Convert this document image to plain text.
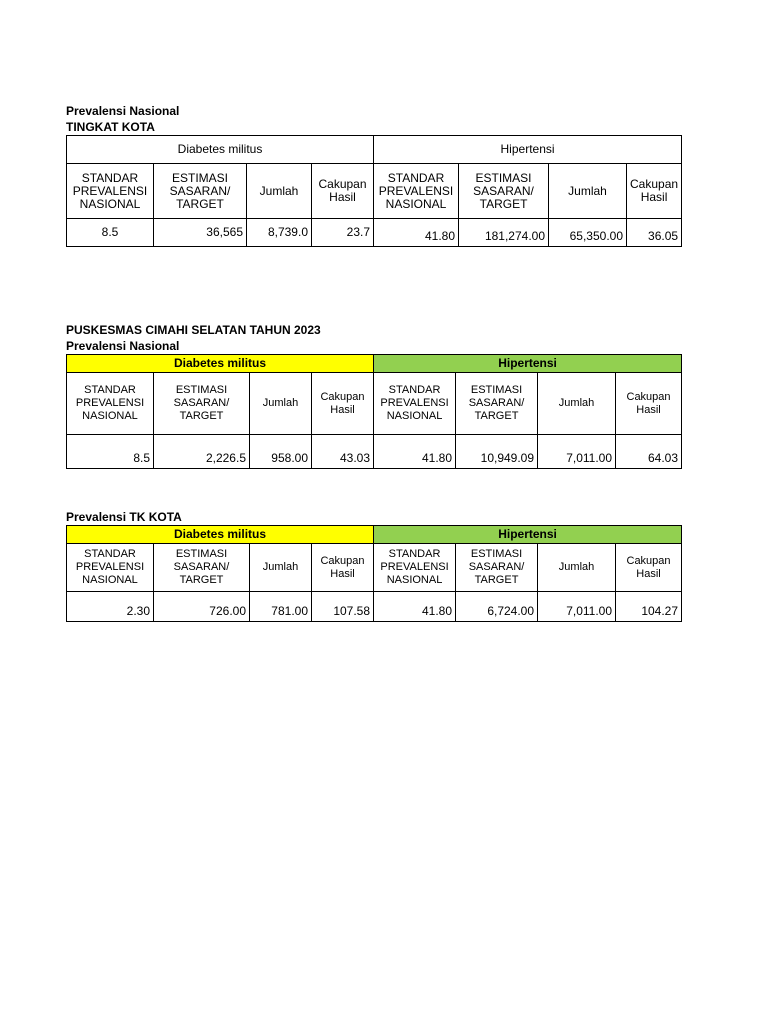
Prevalensi Nasional
TINGKAT KOTA
Diabetes militus				Hipertensi			
STANDAR PREVALENSI NASIONAL	ESTIMASI SASARAN/ TARGET	Jumlah	Cakupan Hasil	STANDAR PREVALENSI NASIONAL	ESTIMASI SASARAN/ TARGET	Jumlah	Cakupan Hasil
8.5	36,565	8,739.0	23.7	41.80	181,274.00	65,350.00	36.05
PUSKESMAS CIMAHI SELATAN TAHUN 2023
Prevalensi Nasional
Diabetes militus				Hipertensi			
STANDAR PREVALENSI NASIONAL	ESTIMASI SASARAN/ TARGET	Jumlah	Cakupan Hasil	STANDAR PREVALENSI NASIONAL	ESTIMASI SASARAN/ TARGET	Jumlah	Cakupan Hasil
8.5	2,226.5	958.00	43.03	41.80	10,949.09	7,011.00	64.03
Prevalensi TK KOTA
Diabetes militus				Hipertensi			
STANDAR PREVALENSI NASIONAL	ESTIMASI SASARAN/ TARGET	Jumlah	Cakupan Hasil	STANDAR PREVALENSI NASIONAL	ESTIMASI SASARAN/ TARGET	Jumlah	Cakupan Hasil
2.30	726.00	781.00	107.58	41.80	6,724.00	7,011.00	104.27
